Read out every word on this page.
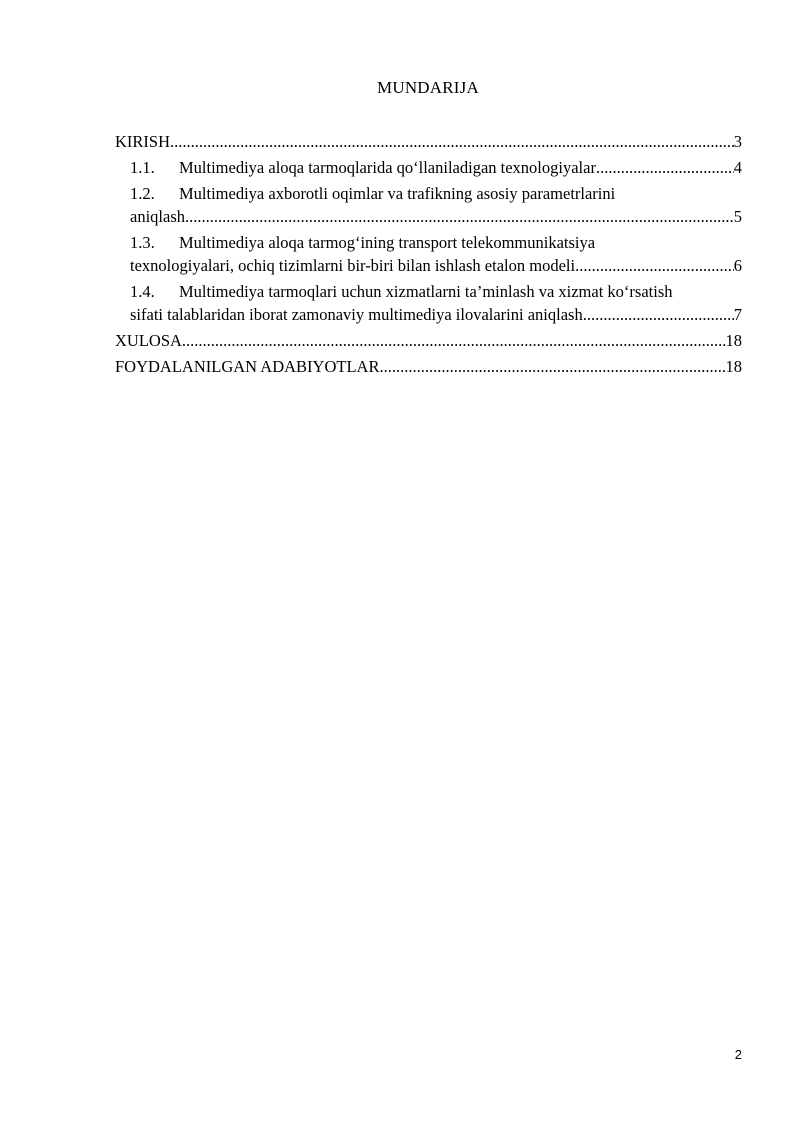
MUNDARIJA
KIRISH .....	3
1.1. Multimediya aloqa tarmoqlarida qo‘llaniladigan texnologiyalar .....	4
1.2. Multimediya axborotli oqimlar va trafikning asosiy parametrlarini
aniqlash .....	5
1.3. Multimediya aloqa tarmog‘ining transport telekommunikatsiya
texnologiyalari, ochiq tizimlarni bir-biri bilan ishlash etalon modeli .....	6
1.4. Multimediya tarmoqlari uchun xizmatlarni ta’minlash va xizmat ko‘rsatish
sifati talablaridan iborat zamonaviy multimediya ilovalarini aniqlash .....	7
XULOSA .....	18
FOYDALANILGAN ADABIYOTLAR .....	18
2
